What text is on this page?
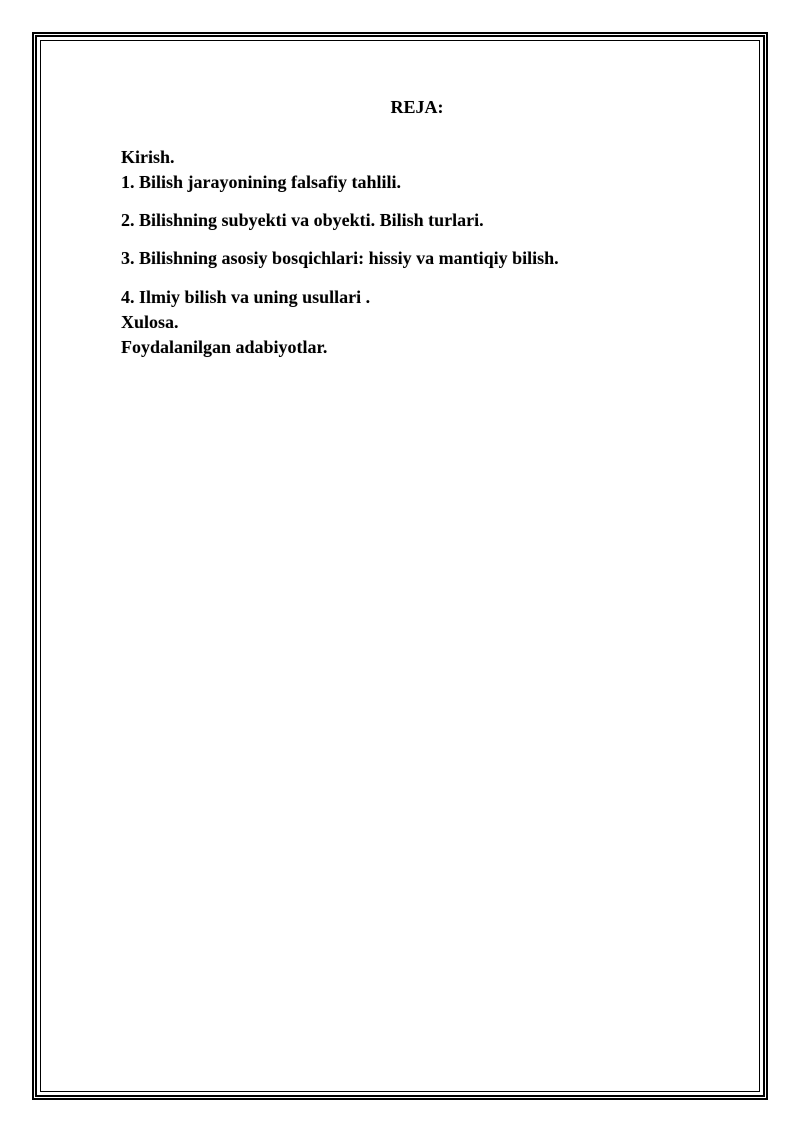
REJA:

Kirish.

1. Bilish jarayonining falsafiy tahlili.

2. Bilishning subyekti va obyekti. Bilish turlari.

3. Bilishning asosiy bosqichlari: hissiy va mantiqiy bilish.

4. Ilmiy bilish va uning usullari .

Xulosa.

Foydalanilgan adabiyotlar.
